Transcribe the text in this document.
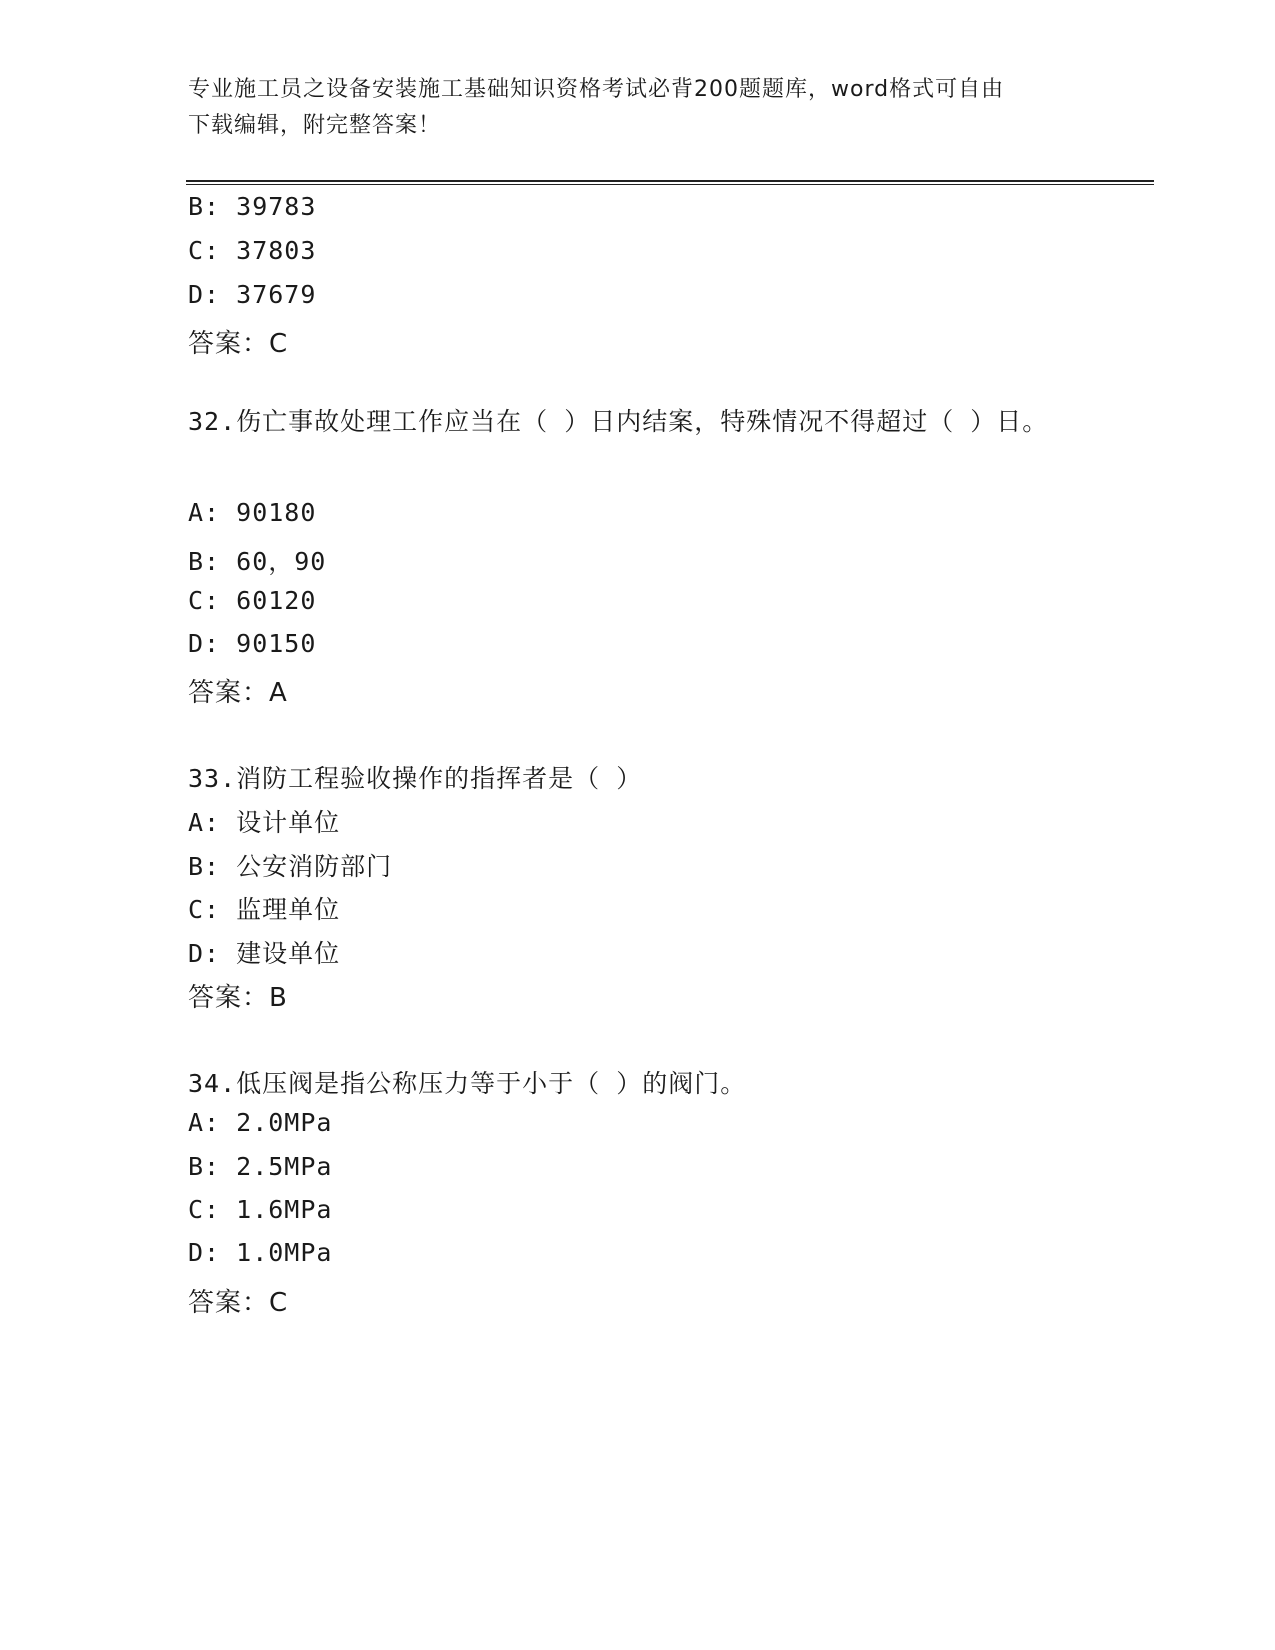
专业施工员之设备安装施工基础知识资格考试必背200题题库，word格式可自由
下载编辑，附完整答案！
B: 39783
C: 37803
D: 37679
答案：C
32.伤亡事故处理工作应当在（ ）日内结案，特殊情况不得超过（ ）日。
A: 90180
B: 60，90
C: 60120
D: 90150
答案：A
33.消防工程验收操作的指挥者是（ ）
A: 设计单位
B: 公安消防部门
C: 监理单位
D: 建设单位
答案：B
34.低压阀是指公称压力等于小于（ ）的阀门。
A: 2.0MPa
B: 2.5MPa
C: 1.6MPa
D: 1.0MPa
答案：C
